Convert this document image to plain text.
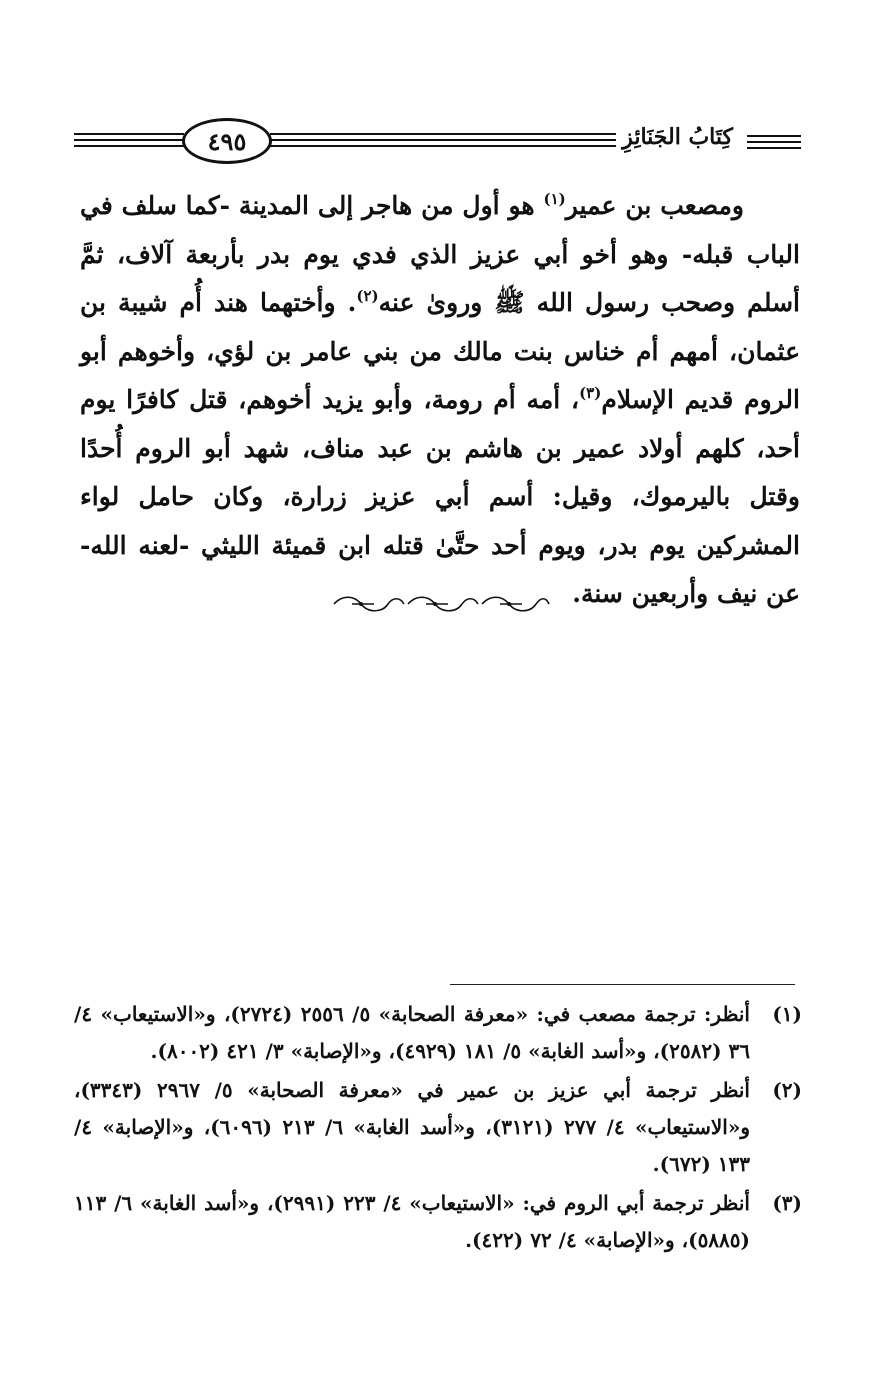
٤٩٥	كِتَابُ الجَنَائِزِ

ومصعب بن عمير$^{(١)}$ هو أول من هاجر إلى المدينة -كما سلف في الباب قبله- وهو أخو أبي عزيز الذي فدي يوم بدر بأربعة آلاف، ثمَّ أسلم وصحب رسول الله ﷺ وروىٰ عنه$^{(٢)}$. وأختهما هند أُم شيبة بن عثمان، أمهم أم خناس بنت مالك من بني عامر بن لؤي، وأخوهم أبو الروم قديم الإسلام$^{(٣)}$، أمه أم رومة، وأبو يزيد أخوهم، قتل كافرًا يوم أحد، كلهم أولاد عمير بن هاشم بن عبد مناف، شهد أبو الروم أُحدًا وقتل باليرموك، وقيل: أسم أبي عزيز زرارة، وكان حامل لواء المشركين يوم بدر، ويوم أحد حتَّىٰ قتله ابن قميئة الليثي -لعنه الله- عن نيف وأربعين سنة.

(١)
أنظر: ترجمة مصعب في: «معرفة الصحابة» ٥/ ٢٥٥٦ (٢٧٢٤)، و«الاستيعاب» ٤/ ٣٦ (٢٥٨٢)، و«أسد الغابة» ٥/ ١٨١ (٤٩٢٩)، و«الإصابة» ٣/ ٤٢١ (٨٠٠٢).
(٢)
أنظر ترجمة أبي عزيز بن عمير في «معرفة الصحابة» ٥/ ٢٩٦٧ (٣٣٤٣)، و«الاستيعاب» ٤/ ٢٧٧ (٣١٢١)، و«أسد الغابة» ٦/ ٢١٣ (٦٠٩٦)، و«الإصابة» ٤/ ١٣٣ (٦٧٢).
(٣)
أنظر ترجمة أبي الروم في: «الاستيعاب» ٤/ ٢٢٣ (٢٩٩١)، و«أسد الغابة» ٦/ ١١٣ (٥٨٨٥)، و«الإصابة» ٤/ ٧٢ (٤٢٢).
